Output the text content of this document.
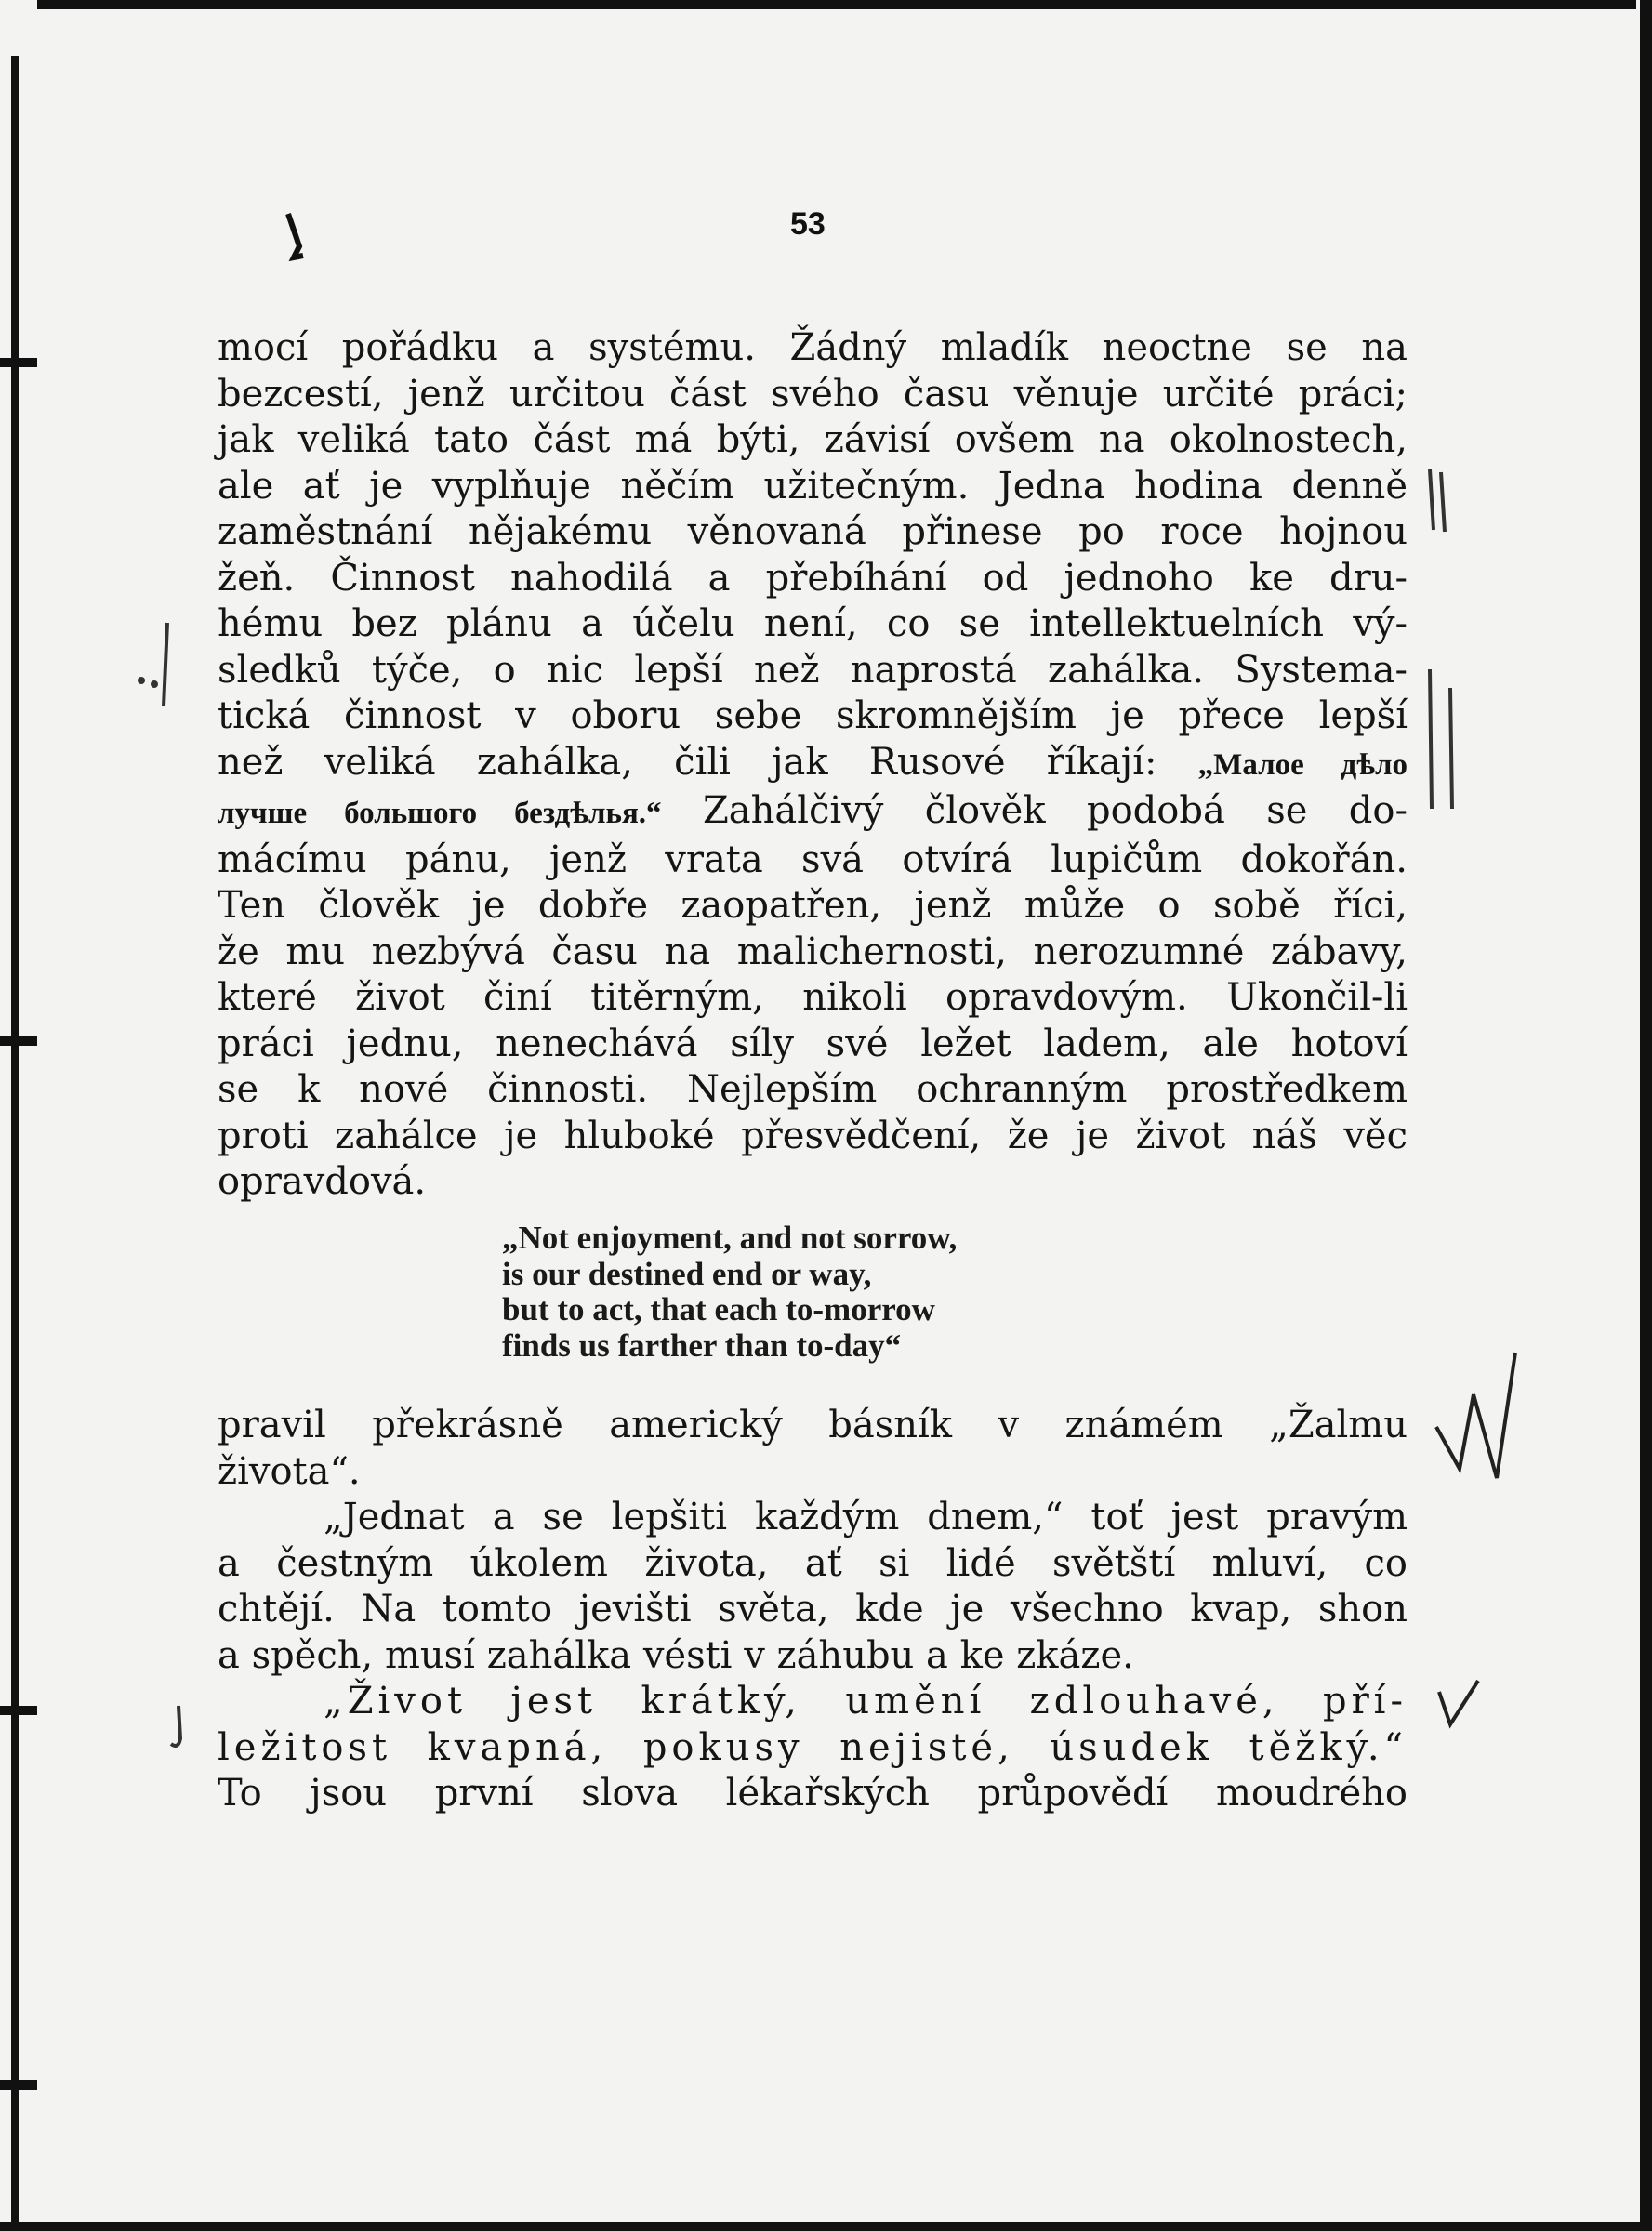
53
mocí pořádku a systému. Žádný mladík neoctne se na
bezcestí, jenž určitou část svého času věnuje určité práci;
jak veliká tato část má býti, závisí ovšem na okolnostech,
ale ať je vyplňuje něčím užitečným. Jedna hodina denně
zaměstnání nějakému věnovaná přinese po roce hojnou
žeň. Činnost nahodilá a přebíhání od jednoho ke dru-
hému bez plánu a účelu není, co se intellektuelních vý-
sledků týče, o nic lepší než naprostá zahálka. Systema-
tická činnost v oboru sebe skromnějším je přece lepší
než veliká zahálka, čili jak Rusové říkají: „Малое дѣло
лучше большого бездѣлья.“ Zahálčivý člověk podobá se do-
mácímu pánu, jenž vrata svá otvírá lupičům dokořán.
Ten člověk je dobře zaopatřen, jenž může o sobě říci,
že mu nezbývá času na malichernosti, nerozumné zábavy,
které život činí titěrným, nikoli opravdovým. Ukončil-li
práci jednu, nenechává síly své ležet ladem, ale hotoví
se k nové činnosti. Nejlepším ochranným prostředkem
proti zahálce je hluboké přesvědčení, že je život náš věc
opravdová.
„Not enjoyment, and not sorrow,
is our destined end or way,
but to act, that each to-morrow
finds us farther than to-day“
pravil překrásně americký básník v známém „Žalmu
života“.
„Jednat a se lepšiti každým dnem,“ toť jest pravým
a čestným úkolem života, ať si lidé světští mluví, co
chtějí. Na tomto jevišti světa, kde je všechno kvap, shon
a spěch, musí zahálka vésti v záhubu a ke zkáze.
„Život jest krátký, umění zdlouhavé, pří-
ležitost kvapná, pokusy nejisté, úsudek těžký.“
To jsou první slova lékařských průpovědí moudrého
